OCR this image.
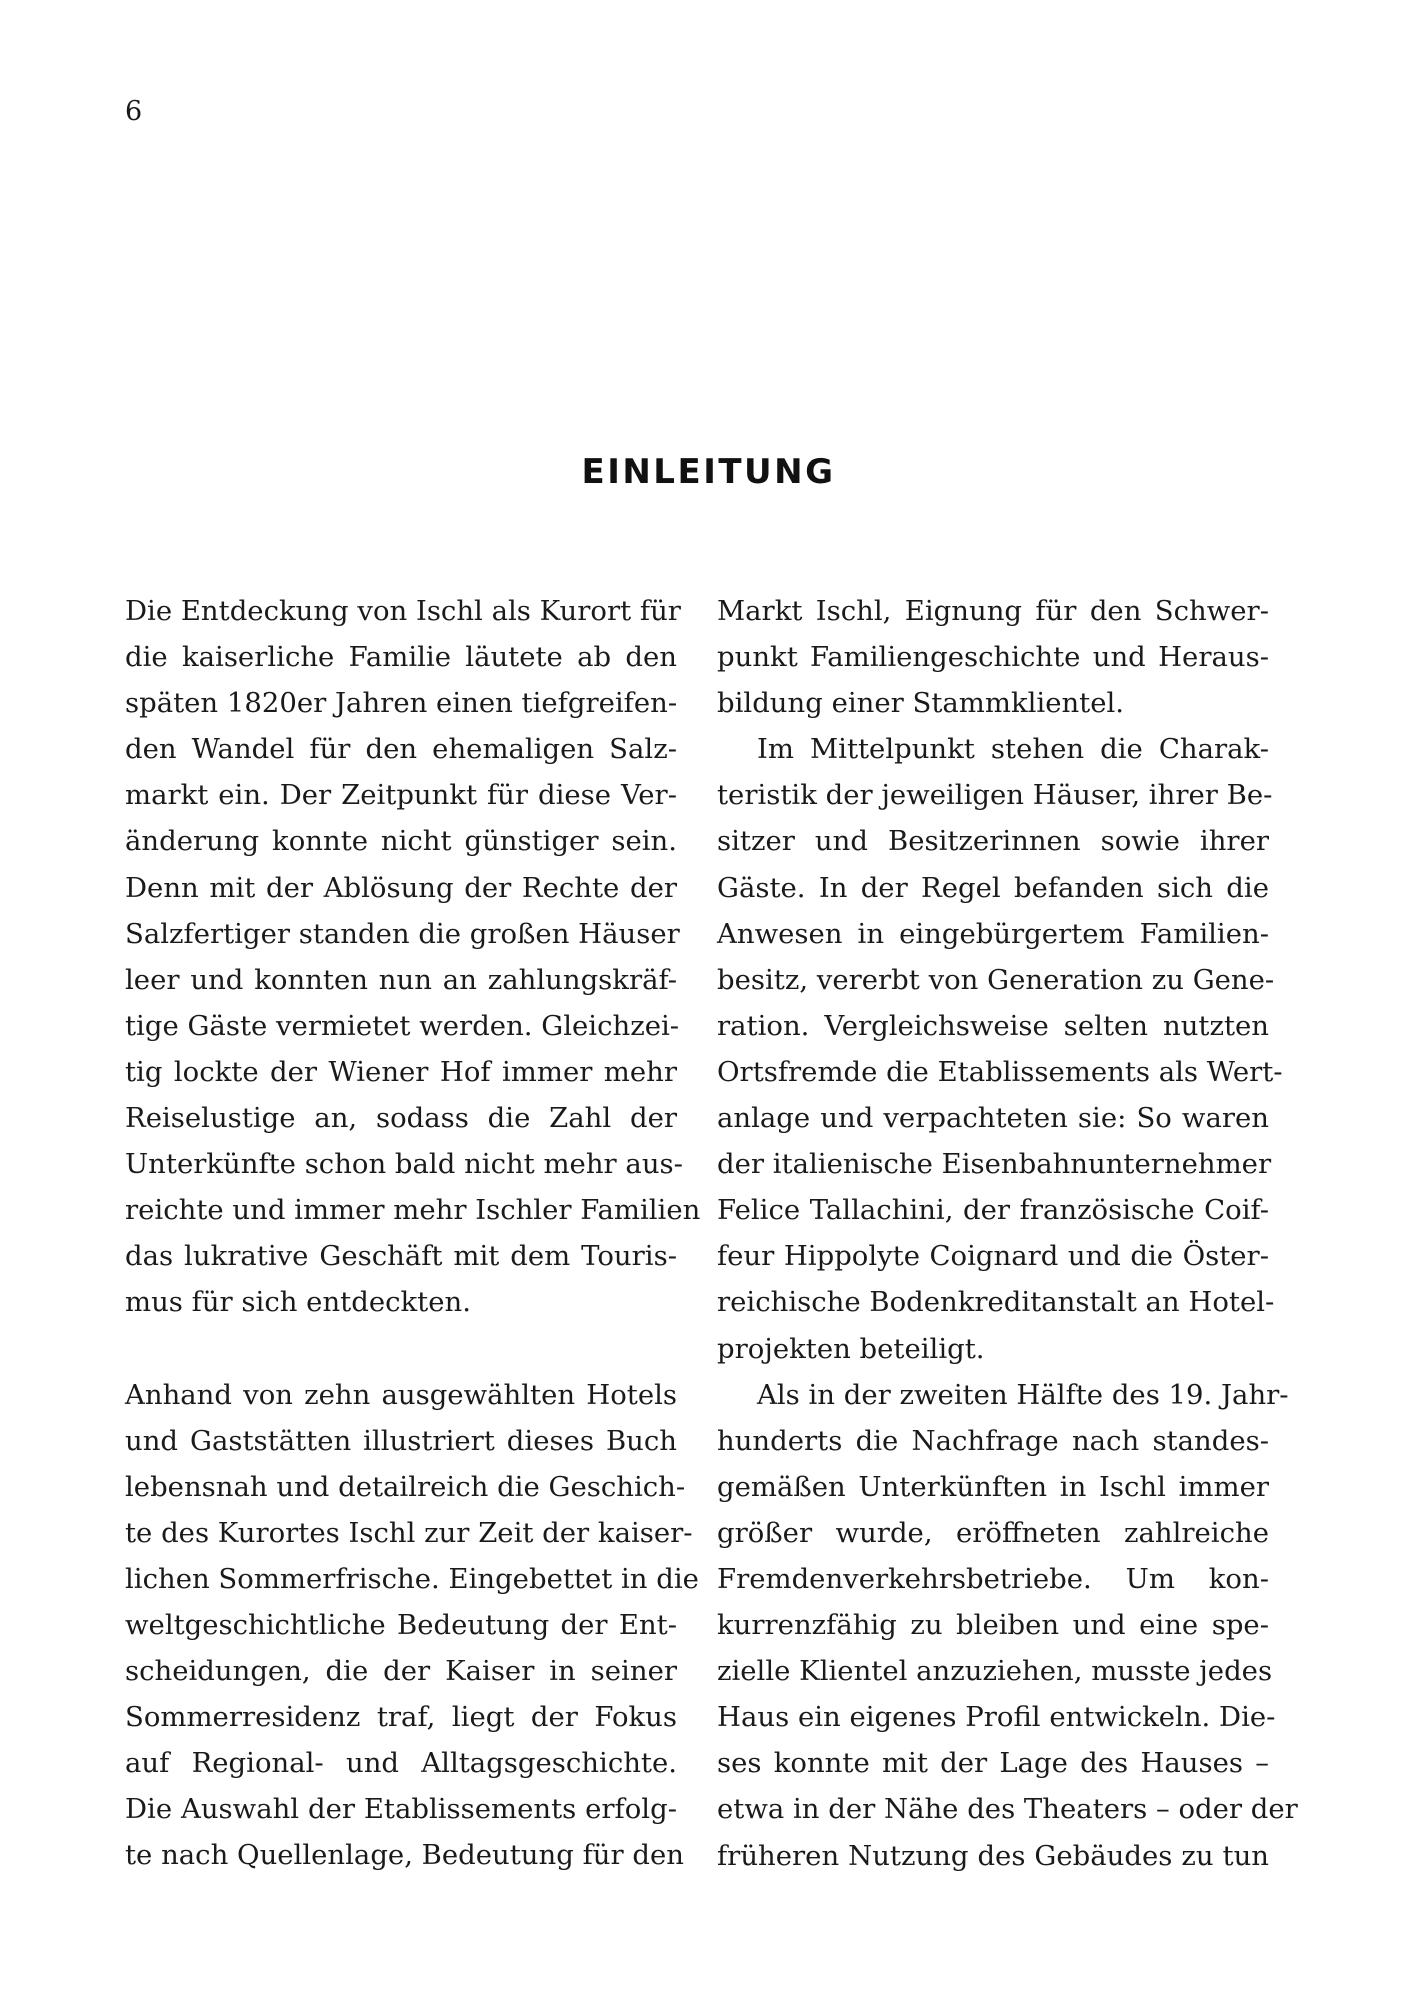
6
EINLEITUNG
Die Entdeckung von Ischl als Kurort für
die kaiserliche Familie läutete ab den
späten 1820er Jahren einen tiefgreifen-
den Wandel für den ehemaligen Salz-
markt ein. Der Zeitpunkt für diese Ver-
änderung konnte nicht günstiger sein.
Denn mit der Ablösung der Rechte der
Salzfertiger standen die großen Häuser
leer und konnten nun an zahlungskräf-
tige Gäste vermietet werden. Gleichzei-
tig lockte der Wiener Hof immer mehr
Reiselustige an, sodass die Zahl der
Unterkünfte schon bald nicht mehr aus-
reichte und immer mehr Ischler Familien
das lukrative Geschäft mit dem Touris-
mus für sich entdeckten.
Anhand von zehn ausgewählten Hotels
und Gaststätten illustriert dieses Buch
lebensnah und detailreich die Geschich-
te des Kurortes Ischl zur Zeit der kaiser-
lichen Sommerfrische. Eingebettet in die
weltgeschichtliche Bedeutung der Ent-
scheidungen, die der Kaiser in seiner
Sommerresidenz traf, liegt der Fokus
auf Regional- und Alltagsgeschichte.
Die Auswahl der Etablissements erfolg-
te nach Quellenlage, Bedeutung für den
Markt Ischl, Eignung für den Schwer-
punkt Familiengeschichte und Heraus-
bildung einer Stammklientel.
Im Mittelpunkt stehen die Charak-
teristik der jeweiligen Häuser, ihrer Be-
sitzer und Besitzerinnen sowie ihrer
Gäste. In der Regel befanden sich die
Anwesen in eingebürgertem Familien-
besitz, vererbt von Generation zu Gene-
ration. Vergleichsweise selten nutzten
Ortsfremde die Etablissements als Wert-
anlage und verpachteten sie: So waren
der italienische Eisenbahnunternehmer
Felice Tallachini, der französische Coif-
feur Hippolyte Coignard und die Öster-
reichische Bodenkreditanstalt an Hotel-
projekten beteiligt.
Als in der zweiten Hälfte des 19. Jahr-
hunderts die Nachfrage nach standes-
gemäßen Unterkünften in Ischl immer
größer wurde, eröffneten zahlreiche
Fremdenverkehrsbetriebe. Um kon-
kurrenzfähig zu bleiben und eine spe-
zielle Klientel anzuziehen, musste jedes
Haus ein eigenes Profil entwickeln. Die-
ses konnte mit der Lage des Hauses –
etwa in der Nähe des Theaters – oder der
früheren Nutzung des Gebäudes zu tun
